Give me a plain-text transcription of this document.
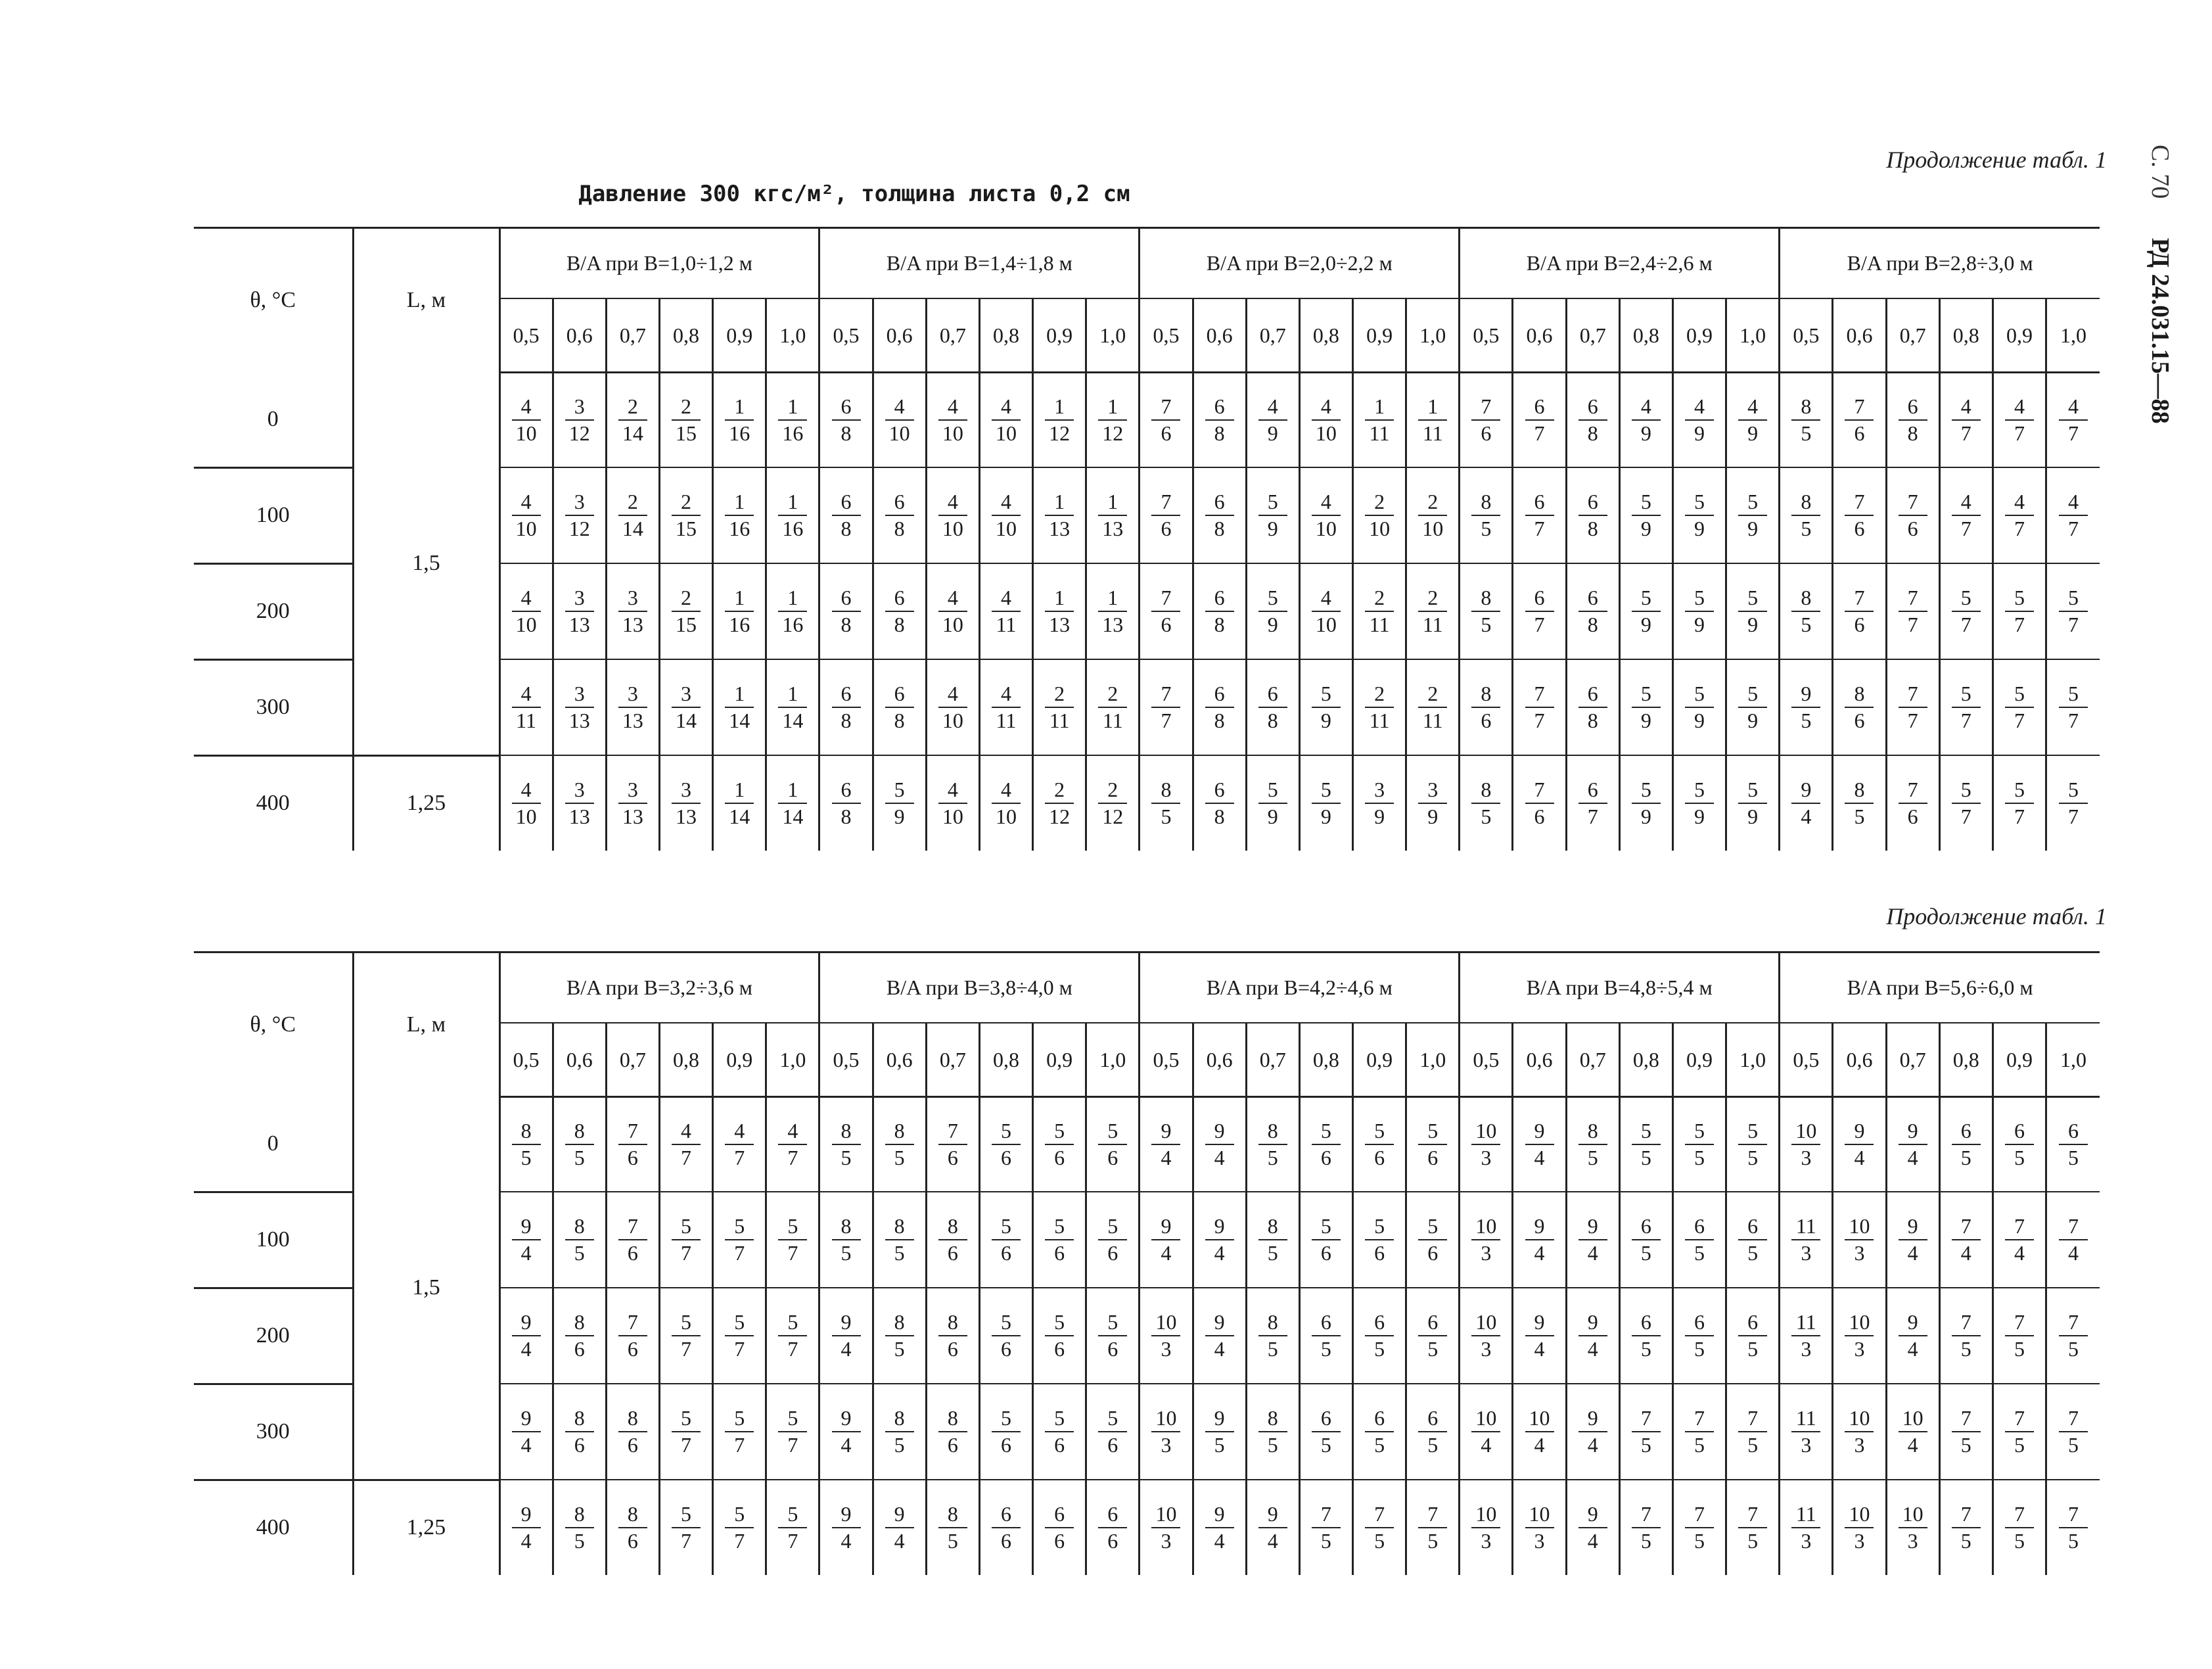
С. 70 РД 24.031.15—88
Продолжение табл. 1
Давление 300 кгс/м², толщина листа 0,2 см
θ, °C	L, м	B/A при B=1,0÷1,2 м						B/A при B=1,4÷1,8 м						B/A при B=2,0÷2,2 м						B/A при B=2,4÷2,6 м						B/A при B=2,8÷3,0 м					
		0,5	0,6	0,7	0,8	0,9	1,0	0,5	0,6	0,7	0,8	0,9	1,0	0,5	0,6	0,7	0,8	0,9	1,0	0,5	0,6	0,7	0,8	0,9	1,0	0,5	0,6	0,7	0,8	0,9	1,0
0	1,5	$\frac{4}{10}$	$\frac{3}{12}$	$\frac{2}{14}$	$\frac{2}{15}$	$\frac{1}{16}$	$\frac{1}{16}$	$\frac{6}{8}$	$\frac{4}{10}$	$\frac{4}{10}$	$\frac{4}{10}$	$\frac{1}{12}$	$\frac{1}{12}$	$\frac{7}{6}$	$\frac{6}{8}$	$\frac{4}{9}$	$\frac{4}{10}$	$\frac{1}{11}$	$\frac{1}{11}$	$\frac{7}{6}$	$\frac{6}{7}$	$\frac{6}{8}$	$\frac{4}{9}$	$\frac{4}{9}$	$\frac{4}{9}$	$\frac{8}{5}$	$\frac{7}{6}$	$\frac{6}{8}$	$\frac{4}{7}$	$\frac{4}{7}$	$\frac{4}{7}$

100		$\frac{4}{10}$	$\frac{3}{12}$	$\frac{2}{14}$	$\frac{2}{15}$	$\frac{1}{16}$	$\frac{1}{16}$	$\frac{6}{8}$	$\frac{6}{8}$	$\frac{4}{10}$	$\frac{4}{10}$	$\frac{1}{13}$	$\frac{1}{13}$	$\frac{7}{6}$	$\frac{6}{8}$	$\frac{5}{9}$	$\frac{4}{10}$	$\frac{2}{10}$	$\frac{2}{10}$	$\frac{8}{5}$	$\frac{6}{7}$	$\frac{6}{8}$	$\frac{5}{9}$	$\frac{5}{9}$	$\frac{5}{9}$	$\frac{8}{5}$	$\frac{7}{6}$	$\frac{7}{6}$	$\frac{4}{7}$	$\frac{4}{7}$	$\frac{4}{7}$

200		$\frac{4}{10}$	$\frac{3}{13}$	$\frac{3}{13}$	$\frac{2}{15}$	$\frac{1}{16}$	$\frac{1}{16}$	$\frac{6}{8}$	$\frac{6}{8}$	$\frac{4}{10}$	$\frac{4}{11}$	$\frac{1}{13}$	$\frac{1}{13}$	$\frac{7}{6}$	$\frac{6}{8}$	$\frac{5}{9}$	$\frac{4}{10}$	$\frac{2}{11}$	$\frac{2}{11}$	$\frac{8}{5}$	$\frac{6}{7}$	$\frac{6}{8}$	$\frac{5}{9}$	$\frac{5}{9}$	$\frac{5}{9}$	$\frac{8}{5}$	$\frac{7}{6}$	$\frac{7}{7}$	$\frac{5}{7}$	$\frac{5}{7}$	$\frac{5}{7}$

300		$\frac{4}{11}$	$\frac{3}{13}$	$\frac{3}{13}$	$\frac{3}{14}$	$\frac{1}{14}$	$\frac{1}{14}$	$\frac{6}{8}$	$\frac{6}{8}$	$\frac{4}{10}$	$\frac{4}{11}$	$\frac{2}{11}$	$\frac{2}{11}$	$\frac{7}{7}$	$\frac{6}{8}$	$\frac{6}{8}$	$\frac{5}{9}$	$\frac{2}{11}$	$\frac{2}{11}$	$\frac{8}{6}$	$\frac{7}{7}$	$\frac{6}{8}$	$\frac{5}{9}$	$\frac{5}{9}$	$\frac{5}{9}$	$\frac{9}{5}$	$\frac{8}{6}$	$\frac{7}{7}$	$\frac{5}{7}$	$\frac{5}{7}$	$\frac{5}{7}$

400	1,25	$\frac{4}{10}$	$\frac{3}{13}$	$\frac{3}{13}$	$\frac{3}{13}$	$\frac{1}{14}$	$\frac{1}{14}$	$\frac{6}{8}$	$\frac{5}{9}$	$\frac{4}{10}$	$\frac{4}{10}$	$\frac{2}{12}$	$\frac{2}{12}$	$\frac{8}{5}$	$\frac{6}{8}$	$\frac{5}{9}$	$\frac{5}{9}$	$\frac{3}{9}$	$\frac{3}{9}$	$\frac{8}{5}$	$\frac{7}{6}$	$\frac{6}{7}$	$\frac{5}{9}$	$\frac{5}{9}$	$\frac{5}{9}$	$\frac{9}{4}$	$\frac{8}{5}$	$\frac{7}{6}$	$\frac{5}{7}$	$\frac{5}{7}$	$\frac{5}{7}$
Продолжение табл. 1
θ, °C	L, м	B/A при B=3,2÷3,6 м						B/A при B=3,8÷4,0 м						B/A при B=4,2÷4,6 м						B/A при B=4,8÷5,4 м						B/A при B=5,6÷6,0 м					
		0,5	0,6	0,7	0,8	0,9	1,0	0,5	0,6	0,7	0,8	0,9	1,0	0,5	0,6	0,7	0,8	0,9	1,0	0,5	0,6	0,7	0,8	0,9	1,0	0,5	0,6	0,7	0,8	0,9	1,0
0	1,5	$\frac{8}{5}$	$\frac{8}{5}$	$\frac{7}{6}$	$\frac{4}{7}$	$\frac{4}{7}$	$\frac{4}{7}$	$\frac{8}{5}$	$\frac{8}{5}$	$\frac{7}{6}$	$\frac{5}{6}$	$\frac{5}{6}$	$\frac{5}{6}$	$\frac{9}{4}$	$\frac{9}{4}$	$\frac{8}{5}$	$\frac{5}{6}$	$\frac{5}{6}$	$\frac{5}{6}$	$\frac{10}{3}$	$\frac{9}{4}$	$\frac{8}{5}$	$\frac{5}{5}$	$\frac{5}{5}$	$\frac{5}{5}$	$\frac{10}{3}$	$\frac{9}{4}$	$\frac{9}{4}$	$\frac{6}{5}$	$\frac{6}{5}$	$\frac{6}{5}$

100		$\frac{9}{4}$	$\frac{8}{5}$	$\frac{7}{6}$	$\frac{5}{7}$	$\frac{5}{7}$	$\frac{5}{7}$	$\frac{8}{5}$	$\frac{8}{5}$	$\frac{8}{6}$	$\frac{5}{6}$	$\frac{5}{6}$	$\frac{5}{6}$	$\frac{9}{4}$	$\frac{9}{4}$	$\frac{8}{5}$	$\frac{5}{6}$	$\frac{5}{6}$	$\frac{5}{6}$	$\frac{10}{3}$	$\frac{9}{4}$	$\frac{9}{4}$	$\frac{6}{5}$	$\frac{6}{5}$	$\frac{6}{5}$	$\frac{11}{3}$	$\frac{10}{3}$	$\frac{9}{4}$	$\frac{7}{4}$	$\frac{7}{4}$	$\frac{7}{4}$

200		$\frac{9}{4}$	$\frac{8}{6}$	$\frac{7}{6}$	$\frac{5}{7}$	$\frac{5}{7}$	$\frac{5}{7}$	$\frac{9}{4}$	$\frac{8}{5}$	$\frac{8}{6}$	$\frac{5}{6}$	$\frac{5}{6}$	$\frac{5}{6}$	$\frac{10}{3}$	$\frac{9}{4}$	$\frac{8}{5}$	$\frac{6}{5}$	$\frac{6}{5}$	$\frac{6}{5}$	$\frac{10}{3}$	$\frac{9}{4}$	$\frac{9}{4}$	$\frac{6}{5}$	$\frac{6}{5}$	$\frac{6}{5}$	$\frac{11}{3}$	$\frac{10}{3}$	$\frac{9}{4}$	$\frac{7}{5}$	$\frac{7}{5}$	$\frac{7}{5}$

300		$\frac{9}{4}$	$\frac{8}{6}$	$\frac{8}{6}$	$\frac{5}{7}$	$\frac{5}{7}$	$\frac{5}{7}$	$\frac{9}{4}$	$\frac{8}{5}$	$\frac{8}{6}$	$\frac{5}{6}$	$\frac{5}{6}$	$\frac{5}{6}$	$\frac{10}{3}$	$\frac{9}{5}$	$\frac{8}{5}$	$\frac{6}{5}$	$\frac{6}{5}$	$\frac{6}{5}$	$\frac{10}{4}$	$\frac{10}{4}$	$\frac{9}{4}$	$\frac{7}{5}$	$\frac{7}{5}$	$\frac{7}{5}$	$\frac{11}{3}$	$\frac{10}{3}$	$\frac{10}{4}$	$\frac{7}{5}$	$\frac{7}{5}$	$\frac{7}{5}$

400	1,25	$\frac{9}{4}$	$\frac{8}{5}$	$\frac{8}{6}$	$\frac{5}{7}$	$\frac{5}{7}$	$\frac{5}{7}$	$\frac{9}{4}$	$\frac{9}{4}$	$\frac{8}{5}$	$\frac{6}{6}$	$\frac{6}{6}$	$\frac{6}{6}$	$\frac{10}{3}$	$\frac{9}{4}$	$\frac{9}{4}$	$\frac{7}{5}$	$\frac{7}{5}$	$\frac{7}{5}$	$\frac{10}{3}$	$\frac{10}{3}$	$\frac{9}{4}$	$\frac{7}{5}$	$\frac{7}{5}$	$\frac{7}{5}$	$\frac{11}{3}$	$\frac{10}{3}$	$\frac{10}{3}$	$\frac{7}{5}$	$\frac{7}{5}$	$\frac{7}{5}$
